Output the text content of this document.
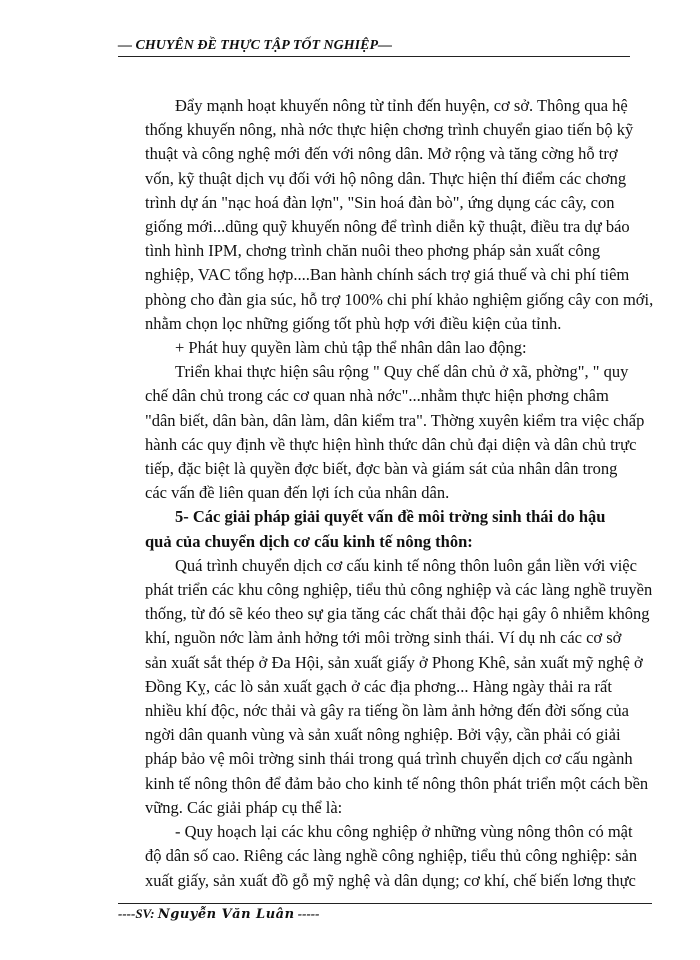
— CHUYÊN ĐỀ THỰC TẬP TỐT NGHIỆP—

Đẩy mạnh hoạt khuyến nông từ tỉnh đến huyện, cơ sở. Thông qua hệ
thống khuyến nông, nhà nớc thực hiện chơng trình chuyển giao tiến bộ kỹ
thuật và công nghệ mới đến với nông dân. Mở rộng và tăng cờng hỗ trợ
vốn, kỹ thuật dịch vụ đối với hộ nông dân. Thực hiện thí điểm các chơng
trình dự án "nạc hoá đàn lợn", "Sin hoá đàn bò", ứng dụng các cây, con
giống mới...dũng quỹ khuyến nông để trình diễn kỹ thuật, điều tra dự báo
tình hình IPM, chơng trình chăn nuôi theo phơng pháp sản xuất công
nghiệp, VAC tổng hợp....Ban hành chính sách trợ giá thuế và chi phí tiêm
phòng cho đàn gia súc, hỗ trợ 100% chi phí khảo nghiệm giống cây con mới,
nhằm chọn lọc những giống tốt phù hợp với điều kiện của tỉnh.

+ Phát huy quyền làm chủ tập thể nhân dân lao động:

Triển khai thực hiện sâu rộng " Quy chế dân chủ ở xã, phờng", " quy
chế dân chủ trong các cơ quan nhà nớc"...nhằm thực hiện phơng châm
"dân biết, dân bàn, dân làm, dân kiểm tra". Thờng xuyên kiểm tra việc chấp
hành các quy định về thực hiện hình thức dân chủ đại diện và dân chủ trực
tiếp, đặc biệt là quyền đợc biết, đợc bàn và giám sát của nhân dân trong
các vấn đề liên quan đến lợi ích của nhân dân.

5- Các giải pháp giải quyết vấn đề môi trờng sinh thái do hậu
quả của chuyển dịch cơ cấu kinh tế nông thôn:

Quá trình chuyển dịch cơ cấu kinh tế nông thôn luôn gắn liền với việc
phát triển các khu công nghiệp, tiểu thủ công nghiệp và các làng nghề truyền
thống, từ đó sẽ kéo theo sự gia tăng các chất thải độc hại gây ô nhiễm không
khí, nguồn nớc làm ảnh hởng tới môi trờng sinh thái. Ví dụ nh các cơ sở
sản xuất sắt thép ở Đa Hội, sản xuất giấy ở Phong Khê, sản xuất mỹ nghệ ở
Đồng Kỵ, các lò sản xuất gạch ở các địa phơng... Hàng ngày thải ra rất
nhiều khí độc, nớc thải và gây ra tiếng ồn làm ảnh hởng đến đời sống của
ngời dân quanh vùng và sản xuất nông nghiệp. Bởi vậy, cần phải có giải
pháp bảo vệ môi trờng sinh thái trong quá trình chuyển dịch cơ cấu ngành
kinh tế nông thôn để đảm bảo cho kinh tế nông thôn phát triển một cách bền
vững. Các giải pháp cụ thể là:

- Quy hoạch lại các khu công nghiệp ở những vùng nông thôn có mật
độ dân số cao. Riêng các làng nghề công nghiệp, tiểu thủ công nghiệp: sản
xuất giấy, sản xuất đồ gỗ mỹ nghệ và dân dụng; cơ khí, chế biến lơng thực

----SV: Nguyễn Văn Luân -----
